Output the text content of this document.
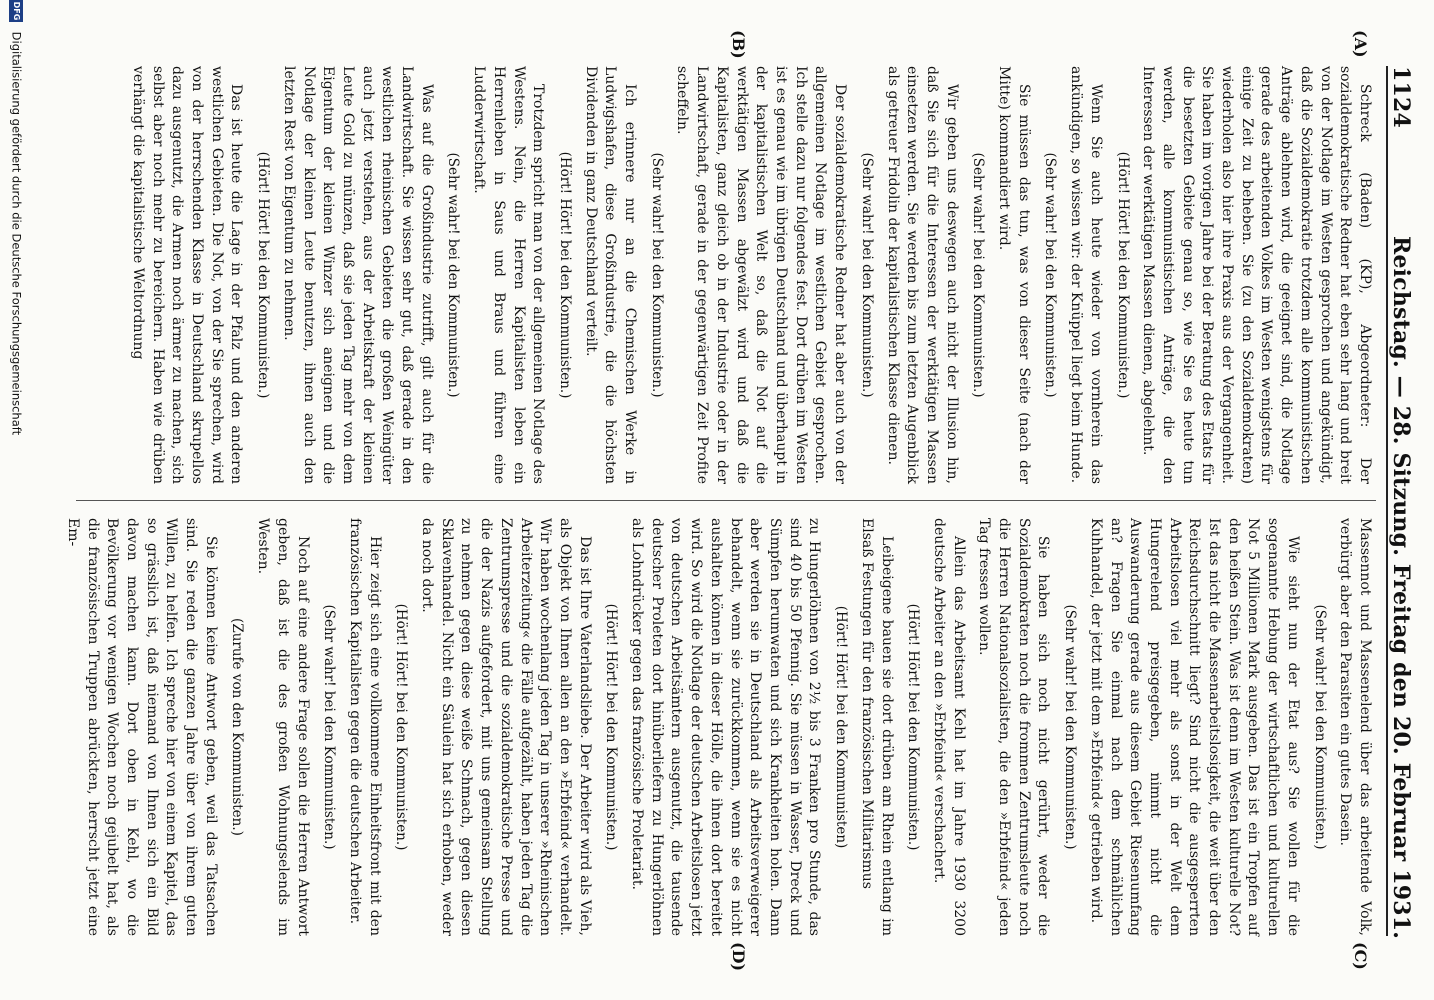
1124
Reichstag. — 28. Sitzung. Freitag den 20. Februar 1931.
(A)
(B)
(C)
(D)
Schreck (Baden) (KP), Abgeordneter: Der sozialdemokratische Redner hat eben sehr lang und breit von der Notlage im Westen gesprochen und angekündigt, daß die Sozialdemokratie trotzdem alle kommunistischen Anträge ablehnen wird, die geeignet sind, die Notlage gerade des arbeitenden Volkes im Westen wenigstens für einige Zeit zu beheben. Sie (zu den Sozialdemokraten) wiederholen also hier ihre Praxis aus der Vergangenheit. Sie haben im vorigen Jahre bei der Beratung des Etats für die besetzten Gebiete genau so, wie Sie es heute tun werden, alle kommunistischen Anträge, die den Interessen der werktätigen Massen dienen, abgelehnt.
(Hört! Hört! bei den Kommunisten.)
Wenn Sie auch heute wieder von vornherein das ankündigen, so wissen wir: der Knüppel liegt beim Hunde.
(Sehr wahr! bei den Kommunisten.)
Sie müssen das tun, was von dieser Seite (nach der Mitte) kommandiert wird.
(Sehr wahr! bei den Kommunisten.)
Wir geben uns deswegen auch nicht der Illusion hin, daß Sie sich für die Interessen der werktätigen Massen einsetzen werden. Sie werden bis zum letzten Augenblick als getreuer Fridolin der kapitalistischen Klasse dienen.
(Sehr wahr! bei den Kommunisten.)
Der sozialdemokratische Redner hat aber auch von der allgemeinen Notlage im westlichen Gebiet gesprochen. Ich stelle dazu nur folgendes fest. Dort drüben im Westen ist es genau wie im übrigen Deutschland und überhaupt in der kapitalistischen Welt so, daß die Not auf die werktätigen Massen abgewälzt wird und daß die Kapitalisten, ganz gleich ob in der Industrie oder in der Landwirtschaft, gerade in der gegenwärtigen Zeit Profite scheffeln.
(Sehr wahr! bei den Kommunisten.)
Ich erinnere nur an die Chemischen Werke in Ludwigshafen, diese Großindustrie, die die höchsten Dividenden in ganz Deutschland verteilt.
(Hört! Hört! bei den Kommunisten.)
Trotzdem spricht man von der allgemeinen Notlage des Westens. Nein, die Herren Kapitalisten leben ein Herrenleben in Saus und Braus und führen eine Ludderwirtschaft.
(Sehr wahr! bei den Kommunisten.)
Was auf die Großindustrie zutrifft, gilt auch für die Landwirtschaft. Sie wissen sehr gut, daß gerade in den westlichen rheinischen Gebieten die großen Weingüter auch jetzt verstehen, aus der Arbeitskraft der kleinen Leute Gold zu münzen, daß sie jeden Tag mehr von dem Eigentum der kleinen Winzer sich aneignen und die Notlage der kleinen Leute benutzen, ihnen auch den letzten Rest von Eigentum zu nehmen.
(Hört! Hört! bei den Kommunisten.)
Das ist heute die Lage in der Pfalz und den anderen westlichen Gebieten. Die Not, von der Sie sprechen, wird von der herrschenden Klasse in Deutschland skrupellos dazu ausgenutzt, die Armen noch ärmer zu machen, sich selbst aber noch mehr zu bereichern. Haben wie drüben verhängt die kapitalistische Weltordnung
Massennot und Massenelend über das arbeitende Volk, verbürgt aber den Parasiten ein gutes Dasein.
(Sehr wahr! bei den Kommunisten.)
Wie sieht nun der Etat aus? Sie wollen für die sogenannte Hebung der wirtschaftlichen und kulturellen Not 5 Millionen Mark ausgeben. Das ist ein Tropfen auf den heißen Stein. Was ist denn im Westen kulturelle Not? Ist das nicht die Massenarbeitslosigkeit, die weit über den Reichsdurchschnitt liegt? Sind nicht die ausgesperrten Arbeitslosen viel mehr als sonst in der Welt dem Hungerelend preisgegeben, nimmt nicht die Auswanderung gerade aus diesem Gebiet Riesenumfang an? Fragen Sie einmal nach dem schmählichen Kuhhandel, der jetzt mit dem »Erbfeind« getrieben wird.
(Sehr wahr! bei den Kommunisten.)
Sie haben sich noch nicht gerührt, weder die Sozialdemokraten noch die frommen Zentrumsleute noch die Herren Nationalsozialisten, die den »Erbfeind« jeden Tag fressen wollen.
Allein das Arbeitsamt Kehl hat im Jahre 1930 3200 deutsche Arbeiter an den »Erbfeind« verschachert.
(Hört! Hört! bei den Kommunisten.)
Leibeigene bauen sie dort drüben am Rhein entlang im Elsaß Festungen für den französischen Militarismus
(Hört! Hört! bei den Kommunisten)
zu Hungerlöhnen von 2½ bis 3 Franken pro Stunde, das sind 40 bis 50 Pfennig. Sie müssen in Wasser, Dreck und Sümpfen herumwaten und sich Krankheiten holen. Dann aber werden sie in Deutschland als Arbeitsverweigerer behandelt, wenn sie zurückkommen, wenn sie es nicht aushalten können in dieser Hölle, die ihnen dort bereitet wird. So wird die Notlage der deutschen Arbeitslosen jetzt von deutschen Arbeitsämtern ausgenutzt, die tausende deutscher Proleten dort hinüberliefern zu Hungerlöhnen als Lohndrücker gegen das französische Proletariat.
(Hört! Hört! bei den Kommunisten.)
Das ist Ihre Vaterlandsliebe. Der Arbeiter wird als Vieh, als Objekt von Ihnen allen an den »Erbfeind« verhandelt. Wir haben wochenlang jeden Tag in unserer »Rheinischen Arbeiterzeitung« die Fälle aufgezählt, haben jeden Tag die Zentrumspresse und die sozialdemokratische Presse und die der Nazis aufgefordert, mit uns gemeinsam Stellung zu nehmen gegen diese weiße Schmach, gegen diesen Sklavenhandel. Nicht ein Säulein hat sich erhoben, weder da noch dort.
(Hört! Hört! bei den Kommunisten.)
Hier zeigt sich eine vollkommene Einheitsfront mit den französischen Kapitalisten gegen die deutschen Arbeiter.
(Sehr wahr! bei den Kommunisten.)
Noch auf eine andere Frage sollen die Herren Antwort geben, daß ist die des großen Wohnungselends im Westen.
(Zurufe von den Kommunisten.)
Sie können keine Antwort geben, weil das Tatsachen sind. Sie reden die ganzen Jahre über von ihrem guten Willen, zu helfen. Ich spreche hier von einem Kapitel, das so grässlich ist, daß niemand von Ihnen sich ein Bild davon machen kann. Dort oben in Kehl, wo die Bevölkerung vor wenigen Wochen noch gejubelt hat, als die französischen Truppen abrückten, herrscht jetzt eine Em-
DFG Digitalisierung gefördert durch die Deutsche Forschungsgemeinschaft
